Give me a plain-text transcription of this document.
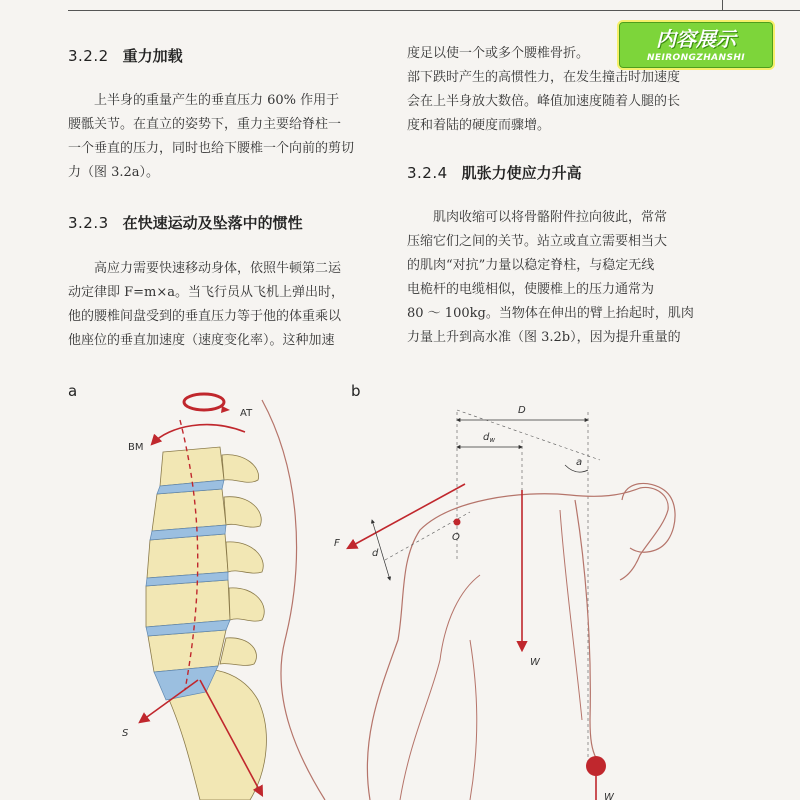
3.2.2 重力加载
上半身的重量产生的垂直压力 60% 作用于
腰骶关节。在直立的姿势下，重力主要给脊柱一
一个垂直的压力，同时也给下腰椎一个向前的剪切
力（图 3.2a）。
3.2.3 在快速运动及坠落中的惯性
高应力需要快速移动身体，依照牛顿第二运
动定律即 F=m×a。当飞行员从飞机上弹出时，
他的腰椎间盘受到的垂直压力等于他的体重乘以
他座位的垂直加速度（速度变化率）。这种加速
度足以使一个或多个腰椎骨折。
部下跌时产生的高惯性力，在发生撞击时加速度
会在上半身放大数倍。峰值加速度随着人腿的长
度和着陆的硬度而骤增。
3.2.4 肌张力使应力升高
肌肉收缩可以将骨骼附件拉向彼此，常常
压缩它们之间的关节。站立或直立需要相当大
的肌肉“对抗”力量以稳定脊柱，与稳定无线
电桅杆的电缆相似，使腰椎上的压力通常为
80 ～ 100kg。当物体在伸出的臂上抬起时，肌肉
力量上升到高水准（图 3.2b），因为提升重量的
内容展示
NEIRONGZHANSHI
a	b
AT
BM
S
D
$d_w$
a
F
d
O
W
W
